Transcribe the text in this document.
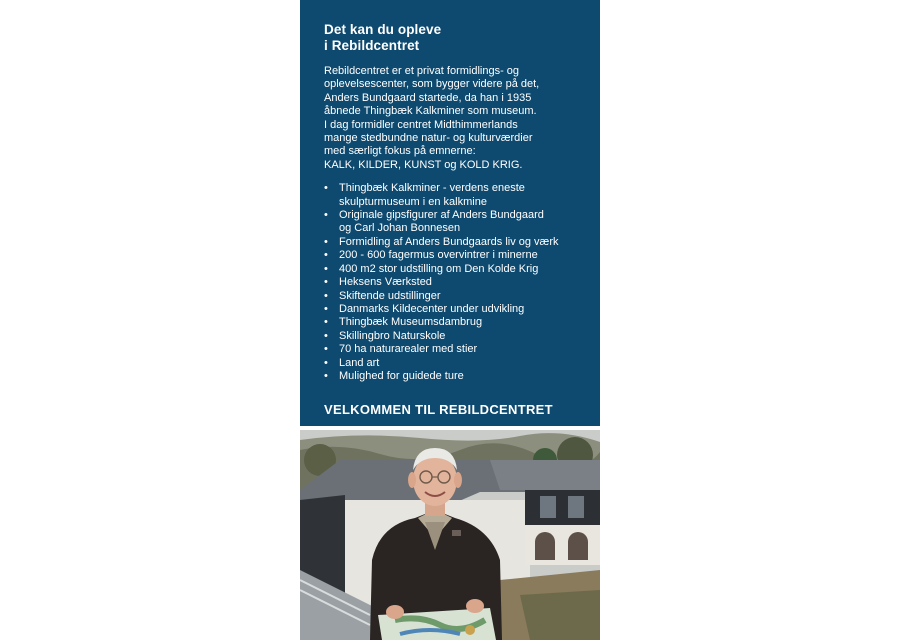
Det kan du opleve
i Rebildcentret

Rebildcentret er et privat formidlings- og
oplevelsescenter, som bygger videre på det,
Anders Bundgaard startede, da han i 1935
åbnede Thingbæk Kalkminer som museum.
I dag formidler centret Midthimmerlands
mange stedbundne natur- og kulturværdier
med særligt fokus på emnerne:
KALK, KILDER, KUNST og KOLD KRIG.

• Thingbæk Kalkminer - verdens eneste
skulpturmuseum i en kalkmine
• Originale gipsfigurer af Anders Bundgaard
og Carl Johan Bonnesen
• Formidling af Anders Bundgaards liv og værk
• 200 - 600 fagermus overvintrer i minerne
• 400 m2 stor udstilling om Den Kolde Krig
• Heksens Værksted
• Skiftende udstillinger
• Danmarks Kildecenter under udvikling
• Thingbæk Museumsdambrug
• Skillingbro Naturskole
• 70 ha naturarealer med stier
• Land art
• Mulighed for guidede ture
VELKOMMEN TIL REBILDCENTRET
